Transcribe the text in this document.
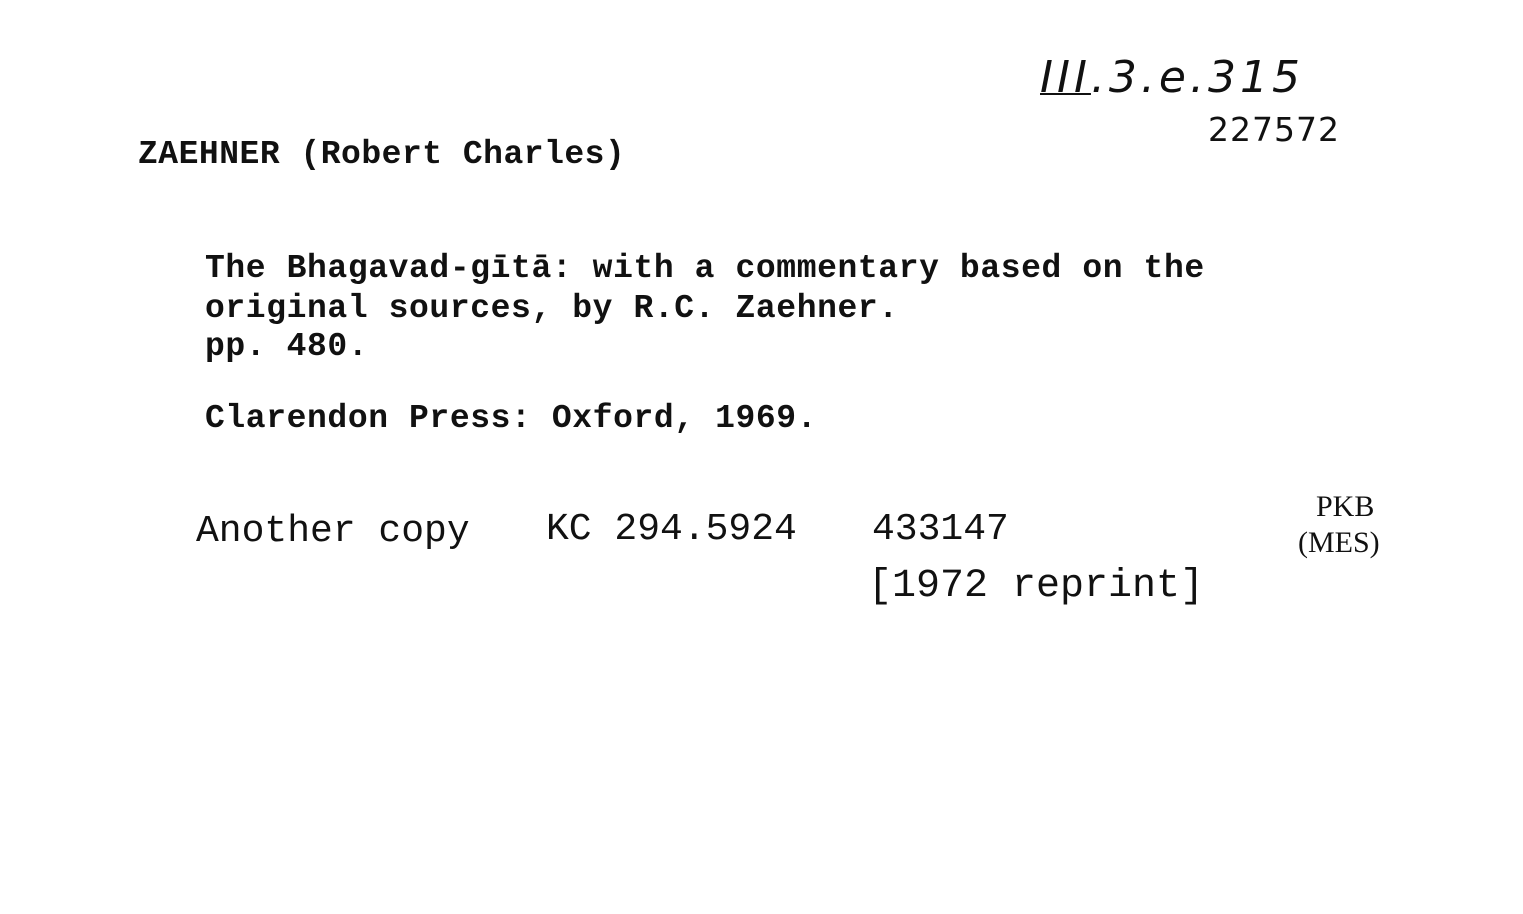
III.3.e.315
227572
ZAEHNER (Robert Charles)
The Bhagavad-gītā: with a commentary based on the
original sources, by R.C. Zaehner.
pp. 480.
Clarendon Press: Oxford, 1969.
Another copy KC 294.5924 433147
[1972 reprint]
PKB
(MES)
